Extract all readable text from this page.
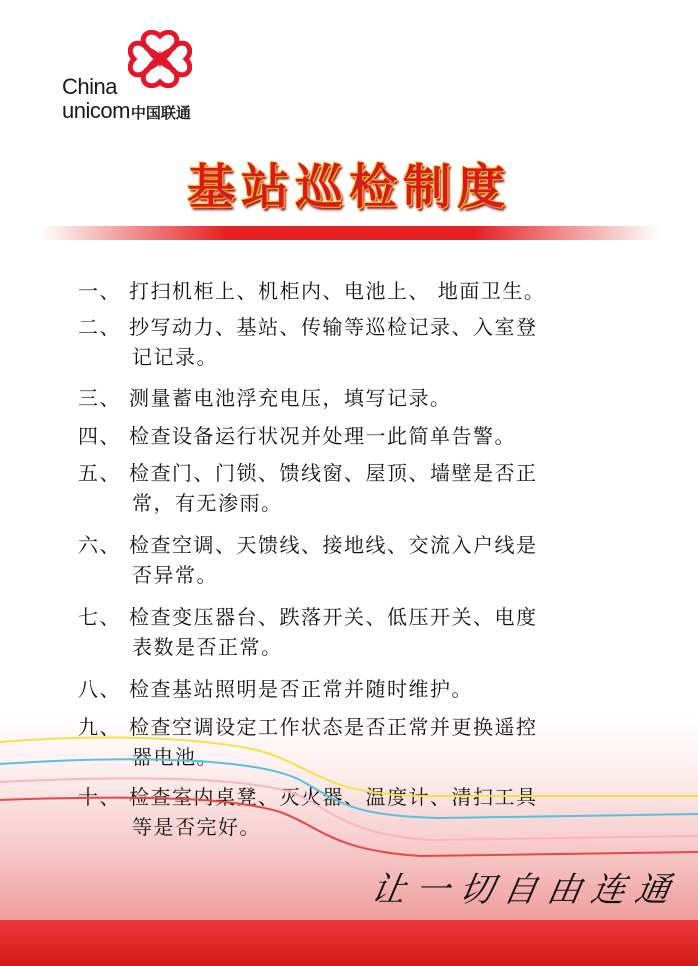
China
unicom中国联通
基站巡检制度
一、 打扫机柜上、机柜内、电池上、 地面卫生。
二、 抄写动力、基站、传输等巡检记录、入室登
记记录。
三、 测量蓄电池浮充电压，填写记录。
四、 检查设备运行状况并处理一此简单告警。
五、 检查门、门锁、馈线窗、屋顶、墙壁是否正
常，有无渗雨。
六、 检查空调、天馈线、接地线、交流入户线是
否异常。
七、 检查变压器台、跌落开关、低压开关、电度
表数是否正常。
八、 检查基站照明是否正常并随时维护。
九、 检查空调设定工作状态是否正常并更换遥控
器电池。
十、 检查室内桌凳、灭火器、温度计、清扫工具
等是否完好。
让一切自由连通
